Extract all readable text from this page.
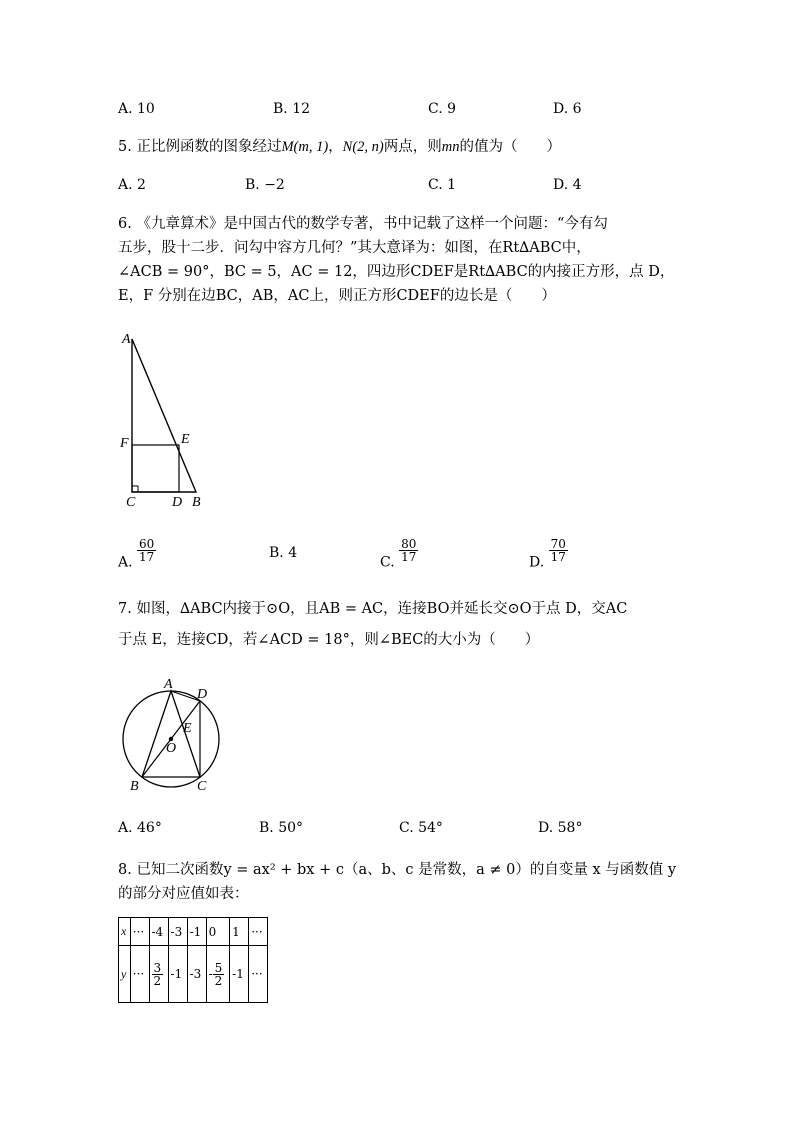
A. 10	B. 12	C. 9	D. 6
5. 正比例函数的图象经过M(m, 1)，N(2, n)两点，则mn的值为（　　）
A. 2	B. −2	C. 1	D. 4
6. 《九章算术》是中国古代的数学专著，书中记载了这样一个问题：“今有勾
五步，股十二步．问勾中容方几何？”其大意译为：如图，在Rt∆ABC中，
∠ACB = 90°，BC = 5，AC = 12，四边形CDEF是Rt∆ABC的内接正方形，点 D，
E，F 分别在边BC，AB，AC上，则正方形CDEF的边长是（　　）
A
F	E
C	D B
A. $\frac{60}{17}$	B. 4
C. $\frac{80}{17}$	D. $\frac{70}{17}$
7. 如图，∆ABC内接于⊙O，且AB = AC，连接BO并延长交⊙O于点 D，交AC
于点 E，连接CD，若∠ACD = 18°，则∠BEC的大小为（　　）
A
D
E
O
B	C
A. 46°	B. 50°	C. 54°	D. 58°
8. 已知二次函数y = ax² + bx + c（a、b、c 是常数，a ≠ 0）的自变量 x 与函数值 y
的部分对应值如表：
x	···	-4	-3	-1	0	1	···
y	···	$\frac{3}{2}$	-1	-3	- $\frac{5}{2}$	-1	···
